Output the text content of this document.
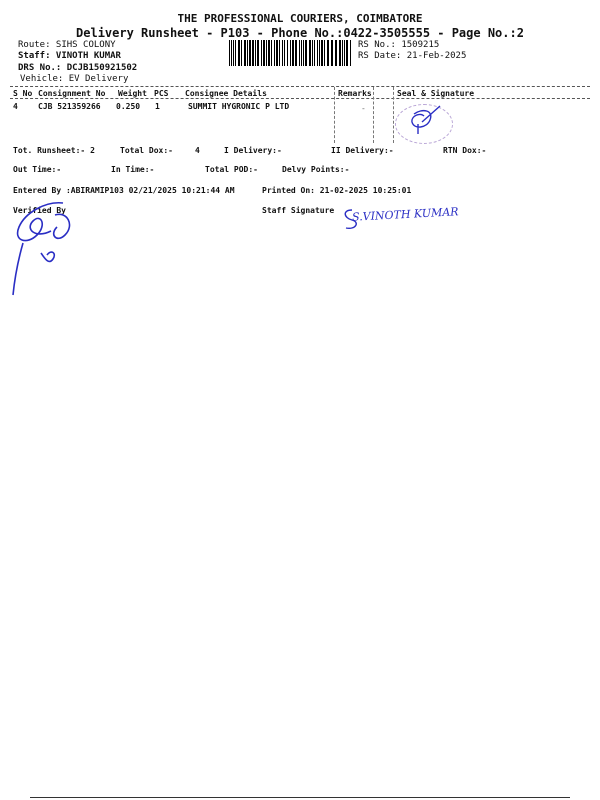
THE PROFESSIONAL COURIERS, COIMBATORE
Delivery Runsheet - P103 - Phone No.:0422-3505555 - Page No.:2
Route: SIHS COLONY
Staff: VINOTH KUMAR
DRS No.: DCJB150921502
Vehicle: EV Delivery
RS No.: 1509215
RS Date: 21-Feb-2025
S No Consignment No Weight PCS Consignee Details	Remarks	Seal & Signature
4	CJB 521359266 0.250 1	SUMMIT HYGRONIC P LTD	-
Tot. Runsheet:- 2	Total Dox:-	4	I Delivery:-	II Delivery:-	RTN Dox:-
Out Time:-	In Time:-	Total POD:-	Delvy Points:-
Entered By :ABIRAMIP103 02/21/2025 10:21:44 AM	Printed On: 21-02-2025 10:25:01
Verified By	Staff Signature S.VINOTH KUMAR
